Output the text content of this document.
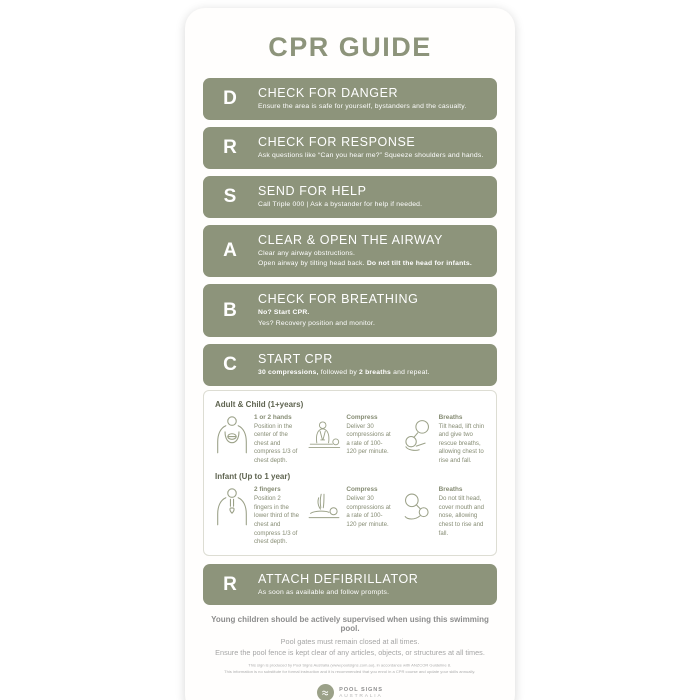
CPR GUIDE
D	CHECK FOR DANGER
Ensure the area is safe for yourself, bystanders and the casualty.
R	CHECK FOR RESPONSE
Ask questions like “Can you hear me?” Squeeze shoulders and hands.
S	SEND FOR HELP
Call Triple 000 | Ask a bystander for help if needed.
A
CLEAR & OPEN THE AIRWAY
Clear any airway obstructions.
Open airway by tilting head back. Do not tilt the head for infants.
B
CHECK FOR BREATHING
No? Start CPR.
Yes? Recovery position and monitor.
C	START CPR
30 compressions, followed by 2 breaths and repeat.
Adult & Child (1+years)
1 or 2 hands
Position in the center of the chest and compress 1/3 of chest depth.
Compress
Deliver 30 compressions at a rate of 100-120 per minute.
Breaths
Tilt head, lift chin and give two rescue breaths, allowing chest to rise and fall.
Infant (Up to 1 year)
2 fingers
Position 2 fingers in the lower third of the chest and compress 1/3 of chest depth.
Compress
Deliver 30 compressions at a rate of 100-120 per minute.
Breaths
Do not tilt head, cover mouth and nose, allowing chest to rise and fall.
R	ATTACH DEFIBRILLATOR
As soon as available and follow prompts.
Young children should be actively supervised when using this swimming pool.
Pool gates must remain closed at all times.
Ensure the pool fence is kept clear of any articles, objects, or structures at all times.
This sign is produced by Pool Signs Australia (www.poolsigns.com.au), in accordance with ANZCOR Guideline 8.
This information is no substitute for formal instruction and it is recommended that you enrol in a CPR course and update your skills annually.
POOL SIGNS
AUSTRALIA
